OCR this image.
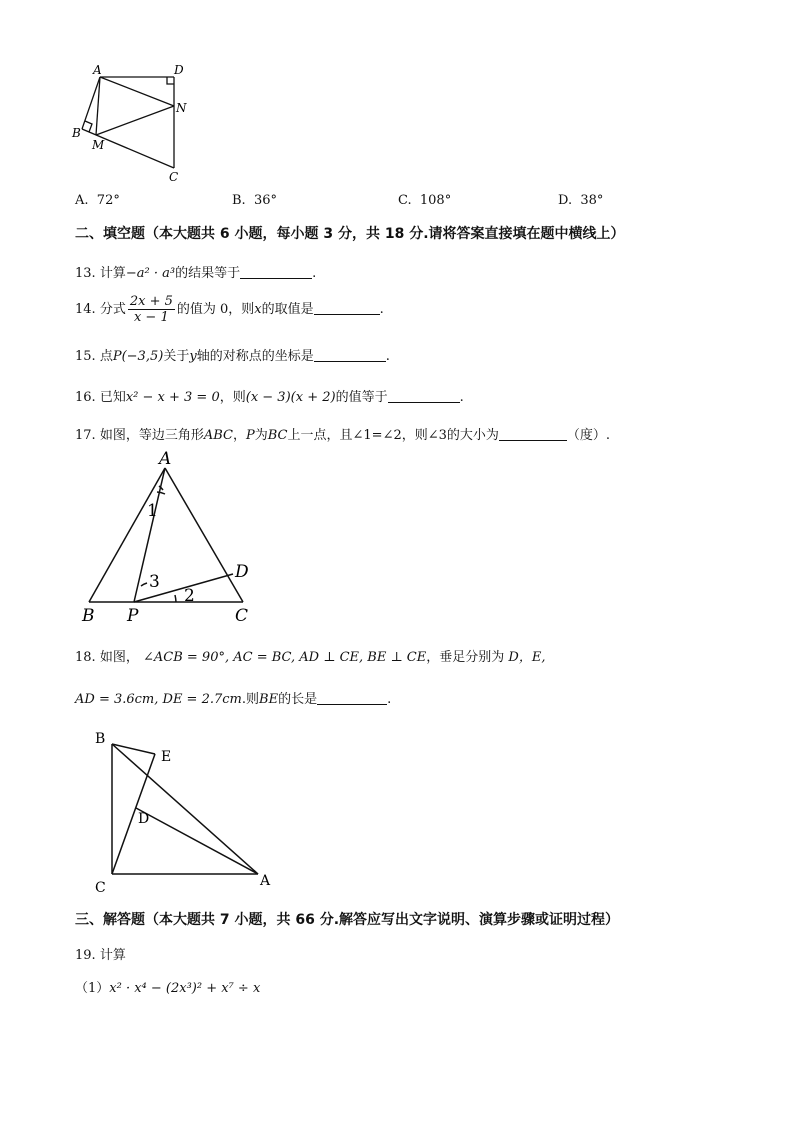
A	D
N
B
M
C
A. 72°	B. 36°	C. 108°	D. 38°
二、填空题（本大题共 6 小题，每小题 3 分，共 18 分.请将答案直接填在题中横线上）
13. 计算−a² · a³的结果等于	.
14. 分式 $\frac{2x + 5}{x - 1}$ 的值为 0，则x的取值是	.
15. 点P(−3,5)关于y轴的对称点的坐标是	.
16. 已知x² − x + 3 = 0，则(x − 3)(x + 2)的值等于	.
17. 如图，等边三角形ABC，P为BC上一点，且∠1=∠2，则∠3的大小为	（度）.
A
B P	C
D
1
2
3
18. 如图， ∠ACB = 90°, AC = BC, AD ⊥ CE, BE ⊥ CE，垂足分别为 D，E,
AD = 3.6cm, DE = 2.7cm.则BE的长是	.
B
E
D
C	A
三、解答题（本大题共 7 小题，共 66 分.解答应写出文字说明、演算步骤或证明过程）
19. 计算
（1）x² · x⁴ − (2x³)² + x⁷ ÷ x
